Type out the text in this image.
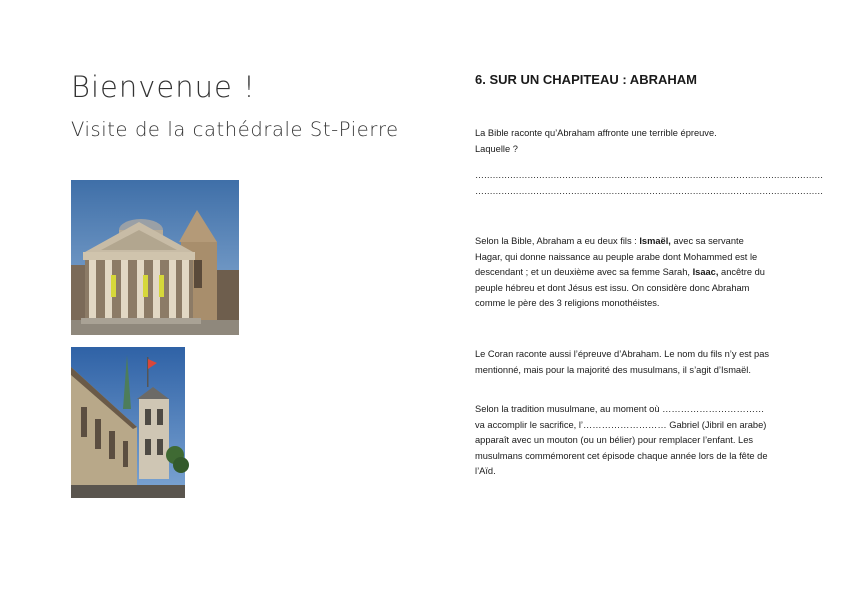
Bienvenue !
Visite de la cathédrale St-Pierre
6. SUR UN CHAPITEAU : ABRAHAM

La Bible raconte qu’Abraham affronte une terrible épreuve.
Laquelle ?

…………………………………………………………………………………………………………
…………………………………………………………………………………………………………

Selon la Bible, Abraham a eu deux fils : Ismaël, avec sa servante Hagar, qui donne naissance au peuple arabe dont Mohammed est le descendant ; et un deuxième avec sa femme Sarah, Isaac, ancêtre du peuple hébreu et dont Jésus est issu. On considère donc Abraham comme le père des 3 religions monothéistes.

Le Coran raconte aussi l’épreuve d’Abraham. Le nom du fils n’y est pas mentionné, mais pour la majorité des musulmans, il s’agit d’Ismaël.

Selon la tradition musulmane, au moment où ……………………………
va accomplir le sacrifice, l’……………………… Gabriel (Jibril en arabe) apparaît avec un mouton (ou un bélier) pour remplacer l’enfant. Les musulmans commémorent cet épisode chaque année lors de la fête de l’Aïd.
